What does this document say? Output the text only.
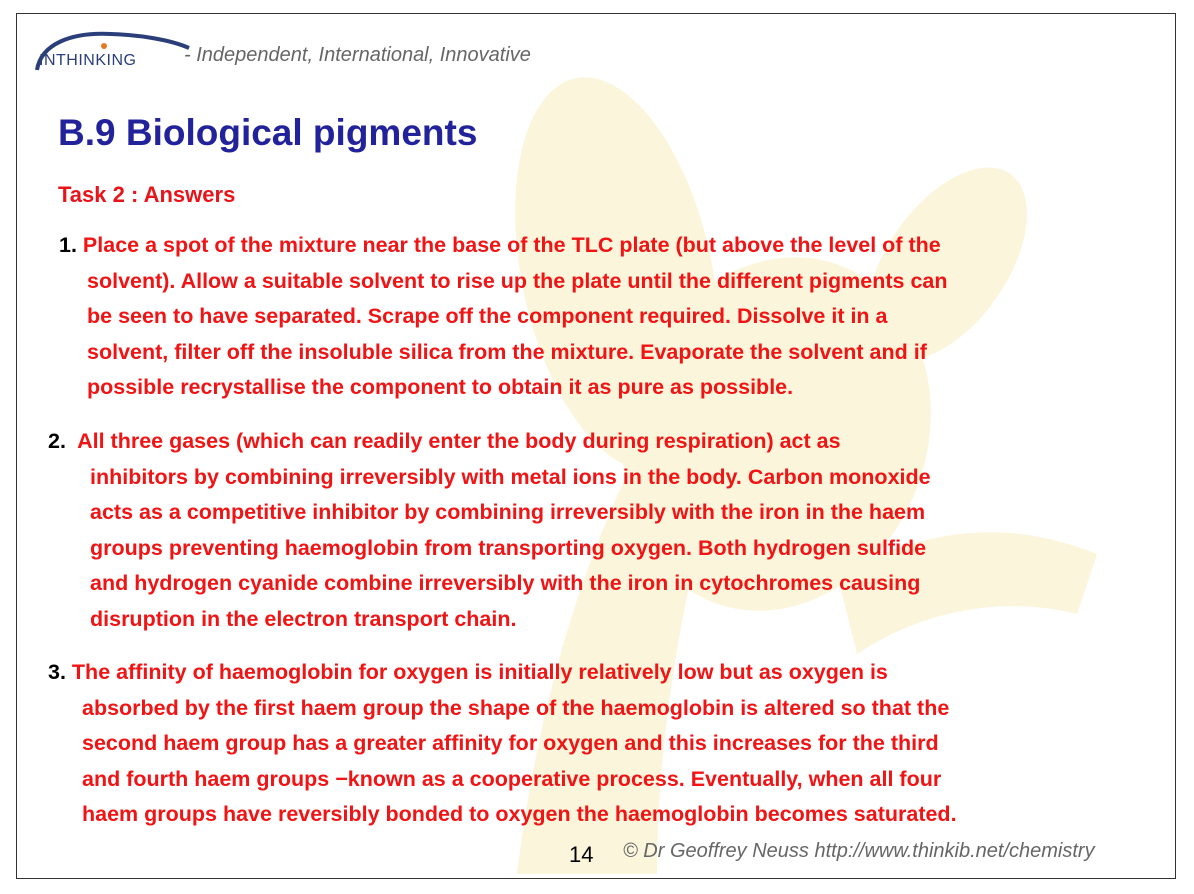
INTHINKING - Independent, International, Innovative
B.9 Biological pigments
Task 2 : Answers
1. Place a spot of the mixture near the base of the TLC plate (but above the level of the
solvent). Allow a suitable solvent to rise up the plate until the different pigments can
be seen to have separated. Scrape off the component required. Dissolve it in a
solvent, filter off the insoluble silica from the mixture. Evaporate the solvent and if
possible recrystallise the component to obtain it as pure as possible.
2. All three gases (which can readily enter the body during respiration) act as
inhibitors by combining irreversibly with metal ions in the body. Carbon monoxide
acts as a competitive inhibitor by combining irreversibly with the iron in the haem
groups preventing haemoglobin from transporting oxygen. Both hydrogen sulfide
and hydrogen cyanide combine irreversibly with the iron in cytochromes causing
disruption in the electron transport chain.
3. The affinity of haemoglobin for oxygen is initially relatively low but as oxygen is
absorbed by the first haem group the shape of the haemoglobin is altered so that the
second haem group has a greater affinity for oxygen and this increases for the third
and fourth haem groups −known as a cooperative process. Eventually, when all four
haem groups have reversibly bonded to oxygen the haemoglobin becomes saturated.
14 © Dr Geoffrey Neuss http://www.thinkib.net/chemistry
